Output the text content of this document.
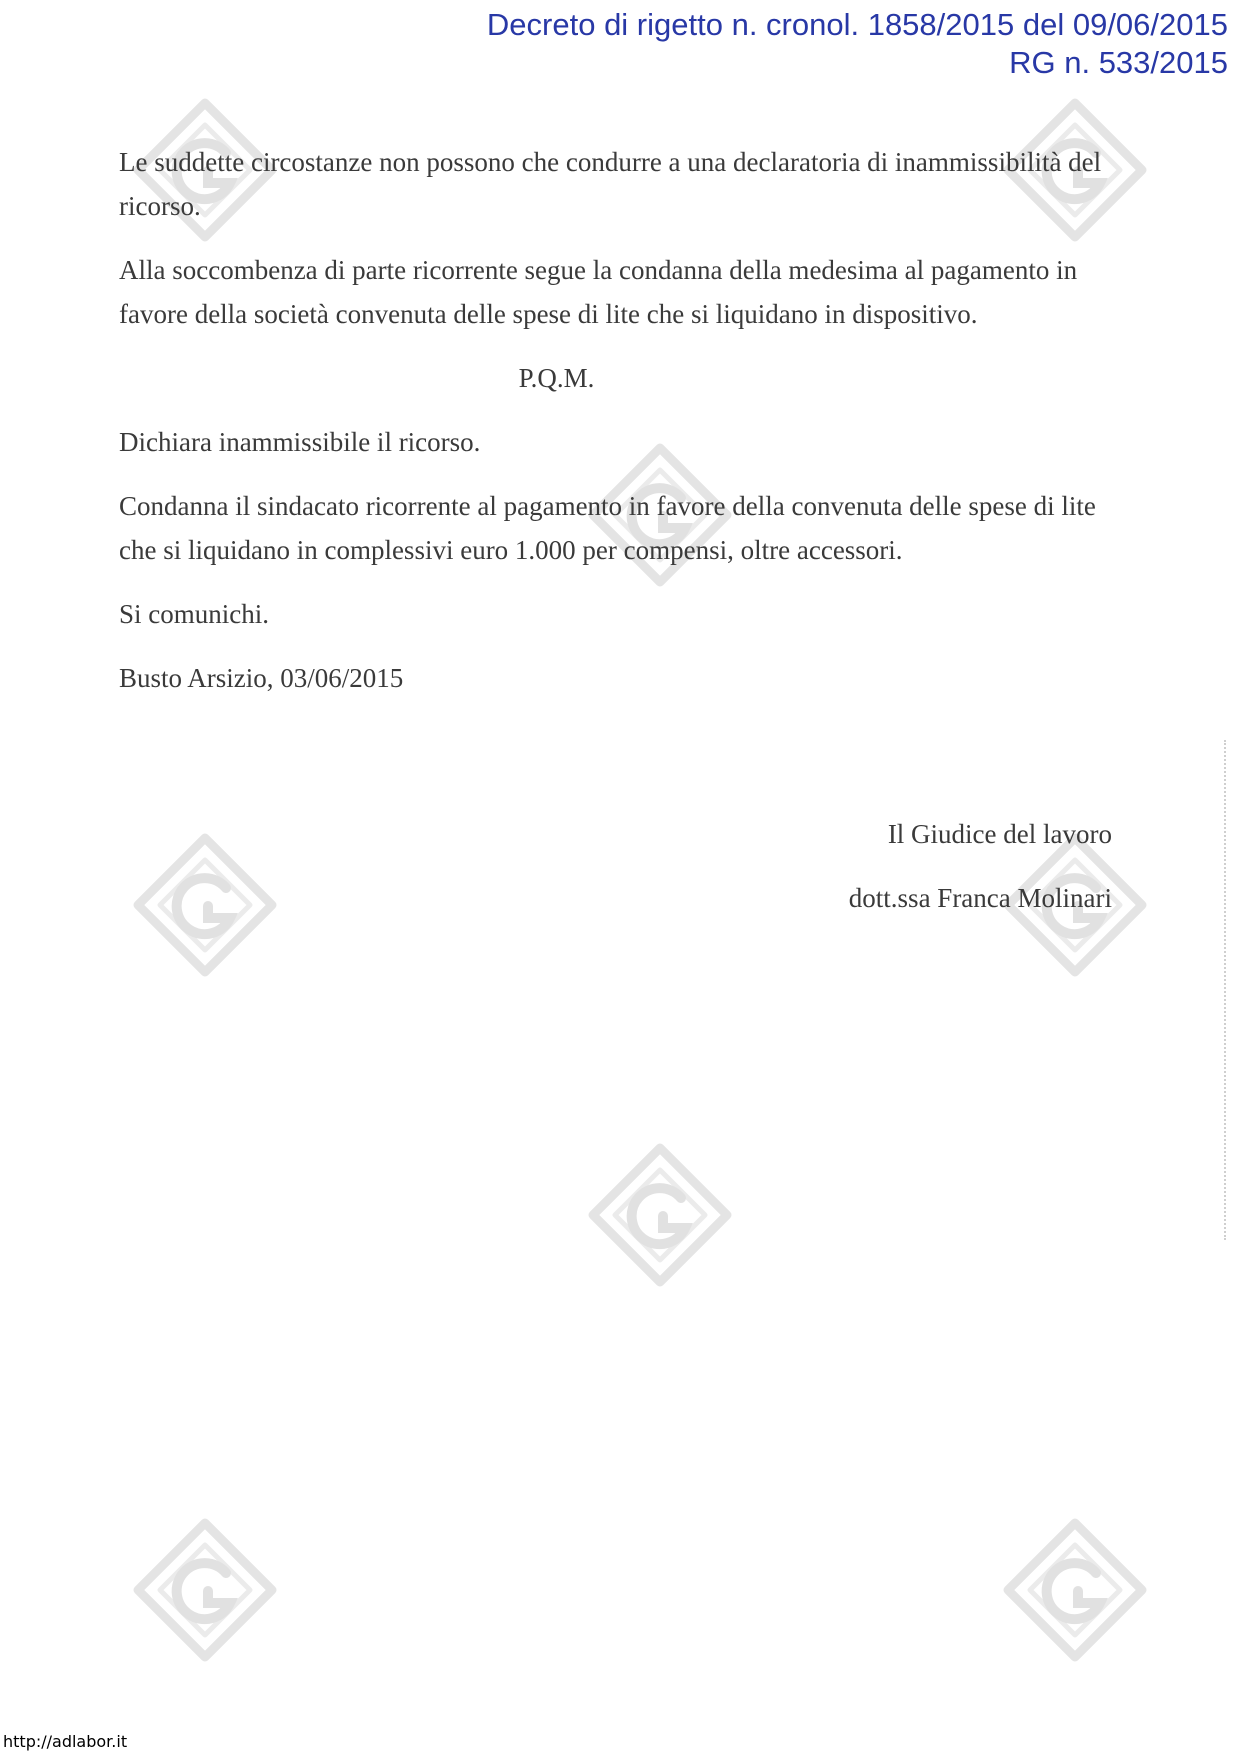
Decreto di rigetto n. cronol. 1858/2015 del 09/06/2015
RG n. 533/2015

Le suddette circostanze non possono che condurre a una declaratoria di inammissibilità del ricorso.

Alla soccombenza di parte ricorrente segue la condanna della medesima al pagamento in favore della società convenuta delle spese di lite che si liquidano in dispositivo.

P.Q.M.

Dichiara inammissibile il ricorso.

Condanna il sindacato ricorrente al pagamento in favore della convenuta delle spese di lite che si liquidano in complessivi euro 1.000 per compensi, oltre accessori.

Si comunichi.

Busto Arsizio, 03/06/2015

Il Giudice del lavoro
dott.ssa Franca Molinari
http://adlabor.it
